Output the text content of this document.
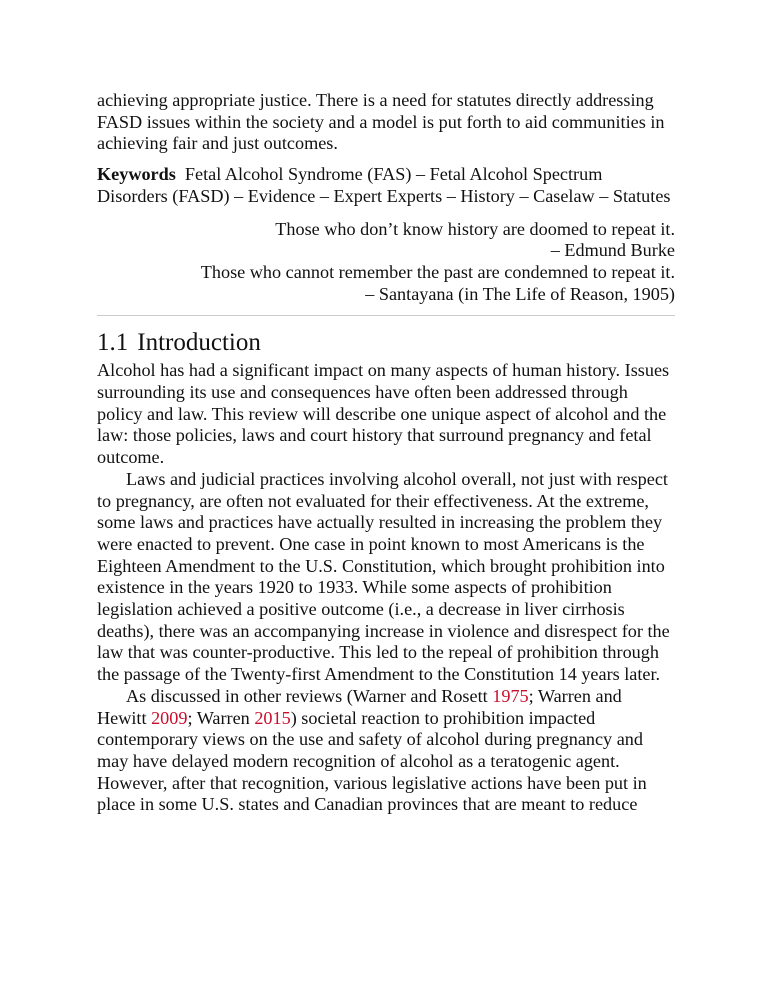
achieving appropriate justice. There is a need for statutes directly addressing FASD issues within the society and a model is put forth to aid communities in achieving fair and just outcomes.

Keywords Fetal Alcohol Syndrome (FAS) – Fetal Alcohol Spectrum Disorders (FASD) – Evidence – Expert Experts – History – Caselaw – Statutes

Those who don’t know history are doomed to repeat it.
– Edmund Burke
Those who cannot remember the past are condemned to repeat it.
– Santayana (in The Life of Reason, 1905)
1.1 Introduction

Alcohol has had a significant impact on many aspects of human history. Issues surrounding its use and consequences have often been addressed through policy and law. This review will describe one unique aspect of alcohol and the law: those policies, laws and court history that surround pregnancy and fetal outcome.

Laws and judicial practices involving alcohol overall, not just with respect to pregnancy, are often not evaluated for their effectiveness. At the extreme, some laws and practices have actually resulted in increasing the problem they were enacted to prevent. One case in point known to most Americans is the Eighteen Amendment to the U.S. Constitution, which brought prohibition into existence in the years 1920 to 1933. While some aspects of prohibition legislation achieved a positive outcome (i.e., a decrease in liver cirrhosis deaths), there was an accompanying increase in violence and disrespect for the law that was counter-productive. This led to the repeal of prohibition through the passage of the Twenty-first Amendment to the Constitution 14 years later.

As discussed in other reviews (Warner and Rosett 1975; Warren and Hewitt 2009; Warren 2015) societal reaction to prohibition impacted contemporary views on the use and safety of alcohol during pregnancy and may have delayed modern recognition of alcohol as a teratogenic agent. However, after that recognition, various legislative actions have been put in place in some U.S. states and Canadian provinces that are meant to reduce
